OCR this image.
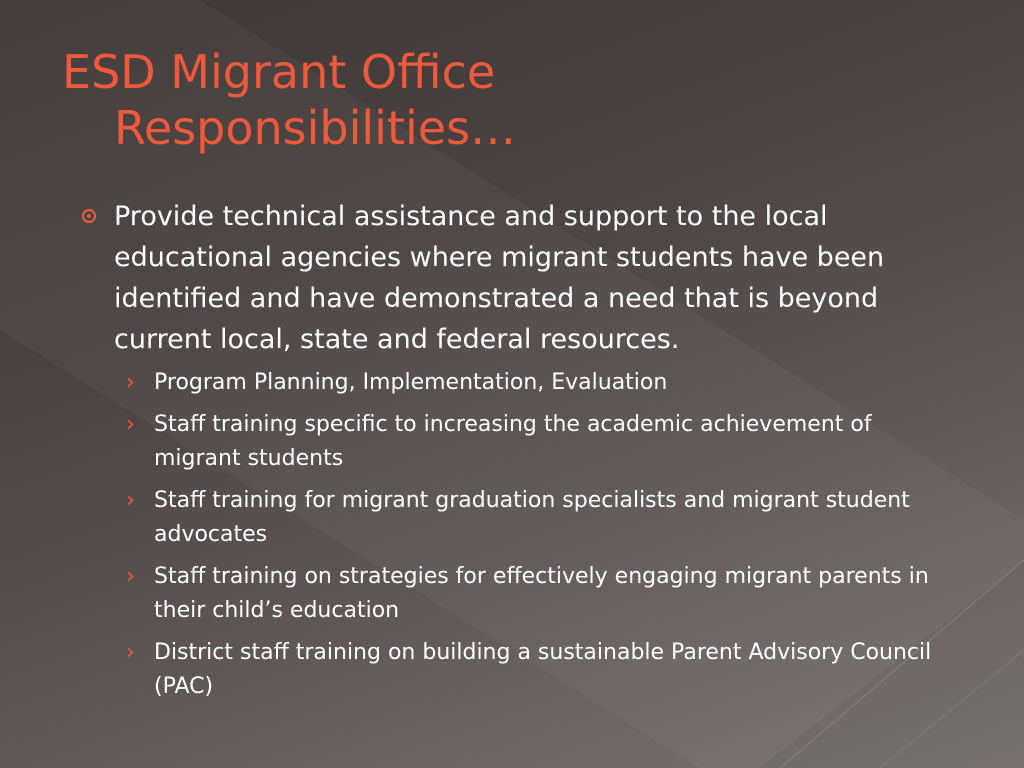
ESD Migrant Office
Responsibilities…
Provide technical assistance and support to the local educational agencies where migrant students have been identified and have demonstrated a need that is beyond current local, state and federal resources.
› Program Planning, Implementation, Evaluation
› Staff training specific to increasing the academic achievement of migrant students
› Staff training for migrant graduation specialists and migrant student advocates
› Staff training on strategies for effectively engaging migrant parents in their child’s education
› District staff training on building a sustainable Parent Advisory Council (PAC)
